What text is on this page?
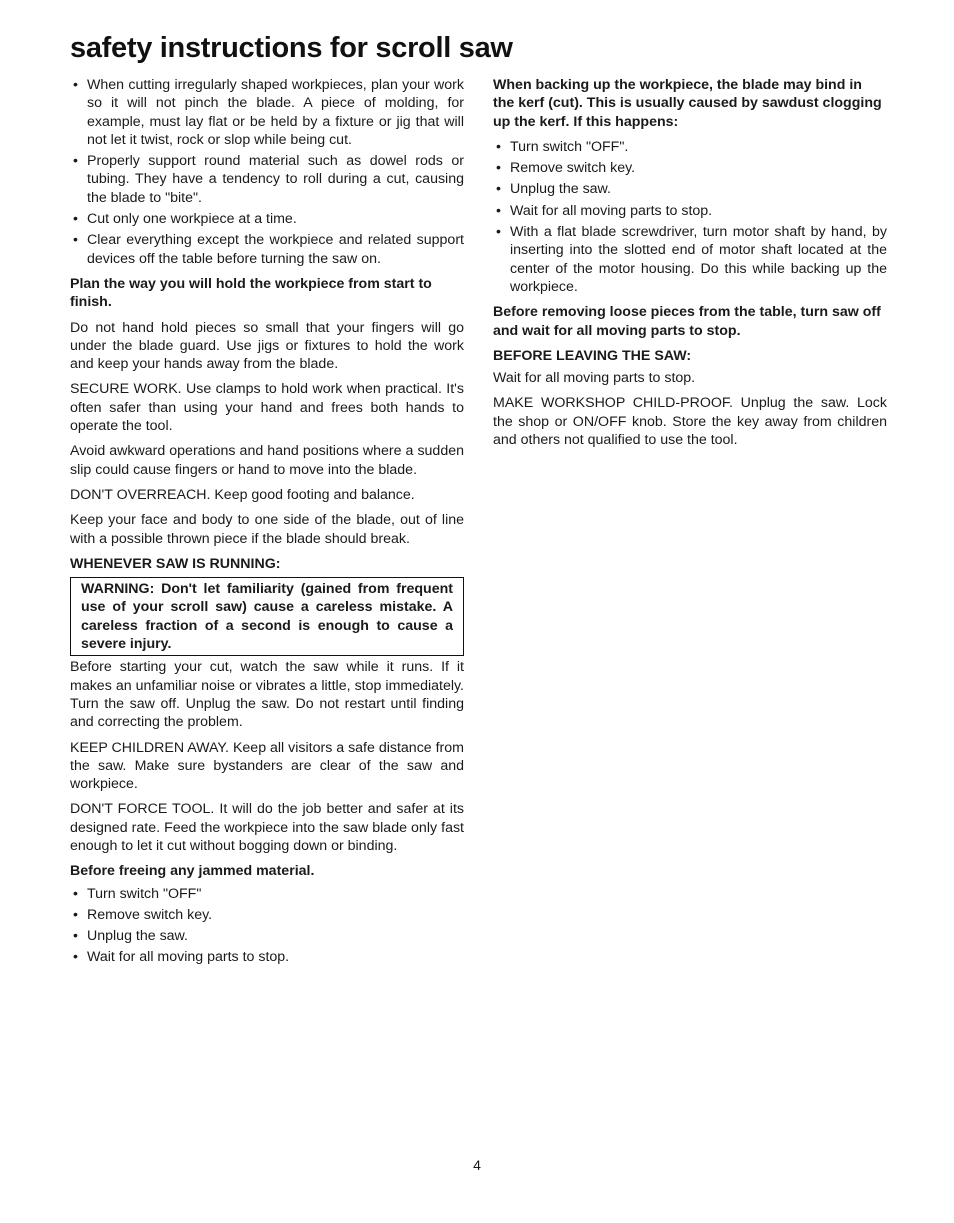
safety instructions for scroll saw
• When cutting irregularly shaped workpieces, plan your work so it will not pinch the blade. A piece of molding, for example, must lay flat or be held by a fixture or jig that will not let it twist, rock or slop while being cut.
• Properly support round material such as dowel rods or tubing. They have a tendency to roll during a cut, causing the blade to "bite".
• Cut only one workpiece at a time.
• Clear everything except the workpiece and related support devices off the table before turning the saw on.

Plan the way you will hold the workpiece from start to finish.

Do not hand hold pieces so small that your fingers will go under the blade guard. Use jigs or fixtures to hold the work and keep your hands away from the blade.

SECURE WORK. Use clamps to hold work when practical. It's often safer than using your hand and frees both hands to operate the tool.

Avoid awkward operations and hand positions where a sudden slip could cause fingers or hand to move into the blade.

DON'T OVERREACH. Keep good footing and balance.

Keep your face and body to one side of the blade, out of line with a possible thrown piece if the blade should break.

WHENEVER SAW IS RUNNING:

WARNING: Don't let familiarity (gained from frequent use of your scroll saw) cause a careless mistake. A careless fraction of a second is enough to cause a severe injury.

Before starting your cut, watch the saw while it runs. If it makes an unfamiliar noise or vibrates a little, stop immediately. Turn the saw off. Unplug the saw. Do not restart until finding and correcting the problem.

KEEP CHILDREN AWAY. Keep all visitors a safe distance from the saw. Make sure bystanders are clear of the saw and workpiece.

DON'T FORCE TOOL. It will do the job better and safer at its designed rate. Feed the workpiece into the saw blade only fast enough to let it cut without bogging down or binding.

Before freeing any jammed material.

• Turn switch "OFF"
• Remove switch key.
• Unplug the saw.
• Wait for all moving parts to stop.

When backing up the workpiece, the blade may bind in the kerf (cut). This is usually caused by sawdust clogging up the kerf. If this happens:

• Turn switch "OFF".
• Remove switch key.
• Unplug the saw.
• Wait for all moving parts to stop.
• With a flat blade screwdriver, turn motor shaft by hand, by inserting into the slotted end of motor shaft located at the center of the motor housing. Do this while backing up the workpiece.

Before removing loose pieces from the table, turn saw off and wait for all moving parts to stop.

BEFORE LEAVING THE SAW:

Wait for all moving parts to stop.

MAKE WORKSHOP CHILD-PROOF. Unplug the saw. Lock the shop or ON/OFF knob. Store the key away from children and others not qualified to use the tool.

4
